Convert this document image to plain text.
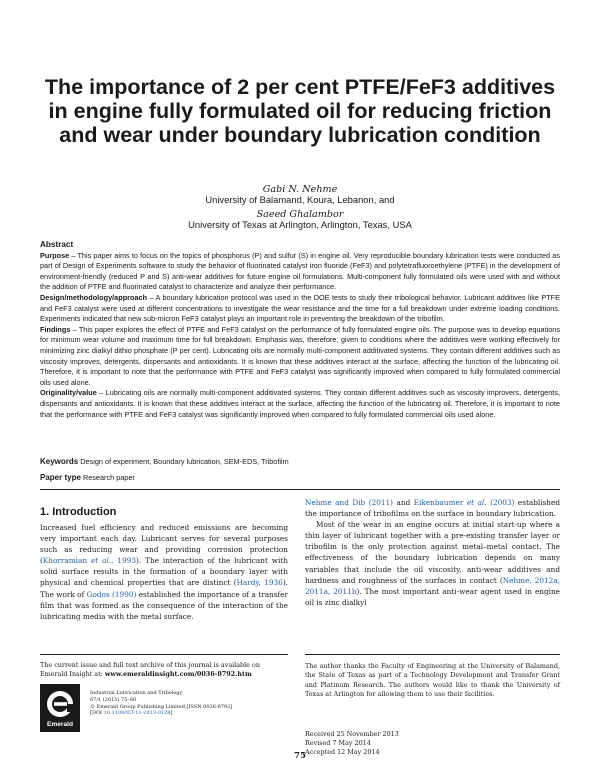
The importance of 2 per cent PTFE/FeF3 additives in engine fully formulated oil for reducing friction and wear under boundary lubrication condition

Gabi N. Nehme

University of Balamand, Koura, Lebanon, and

Saeed Ghalambor

University of Texas at Arlington, Arlington, Texas, USA

Abstract

Purpose – This paper aims to focus on the topics of phosphorus (P) and sulfur (S) in engine oil. Very reproducible boundary lubrication tests were conducted as part of Design of Experiments software to study the behavior of fluorinated catalyst iron fluoride (FeF3) and polytetrafluoroethylene (PTFE) in the development of environment-friendly (reduced P and S) anti-wear additives for future engine oil formulations. Multi-component fully formulated oils were used with and without the addition of PTFE and fluorinated catalyst to characterize and analyze their performance.

Design/methodology/approach – A boundary lubrication protocol was used in the DOE tests to study their tribological behavior. Lubricant additives like PTFE and FeF3 catalyst were used at different concentrations to investigate the wear resistance and the time for a full breakdown under extreme loading conditions. Experiments indicated that new sub-micron FeF3 catalyst plays an important role in preventing the breakdown of the tribofilm.

Findings – This paper explores the effect of PTFE and FeF3 catalyst on the performance of fully formulated engine oils. The purpose was to develop equations for minimum wear volume and maximum time for full breakdown. Emphasis was, therefore, given to conditions where the additives were working effectively for minimizing zinc dialkyl dithio phosphate (P per cent). Lubricating oils are normally multi-component additivated systems. They contain different additives such as viscosity improves, detergents, dispersants and antioxidants. It is known that these additives interact at the surface, affecting the function of the lubricating oil. Therefore, it is important to note that the performance with PTFE and FeF3 catalyst was significantly improved when compared to fully formulated commercial oils used alone.

Originality/value – Lubricating oils are normally multi-component additivated systems. They contain different additives such as viscosity improvers, detergents, dispersants and antioxidants. It is known that these additives interact at the surface, affecting the function of the lubricating oil. Therefore, it is important to note that the performance with PTFE and FeF3 catalyst was significantly improved when compared to fully formulated commercial oils used alone.

Keywords Design of experiment, Boundary lubrication, SEM-EDS, Tribofilm

Paper type Research paper

1. Introduction

Increased fuel efficiency and reduced emissions are becoming very important each day. Lubricant serves for several purposes such as reducing wear and providing corrosion protection (Khorramian et al., 1993). The interaction of the lubricant with solid surface results in the formation of a boundary layer with physical and chemical properties that are distinct (Hardy, 1936). The work of Godos (1990) established the importance of a transfer film that was formed as the consequence of the interaction of the lubricating media with the metal surface.

Nehme and Dib (2011) and Eikenbaumer et al. (2003) established the importance of tribofilms on the surface in boundary lubrication.

Most of the wear in an engine occurs at initial start-up where a thin layer of lubricant together with a pre-existing transfer layer or tribofilm is the only protection against metal–metal contact. The effectiveness of the boundary lubrication depends on many variables that include the oil viscosity, anti-wear additives and hardness and roughness of the surfaces in contact (Nehme, 2012a, 2011a, 2011b). The most important anti-wear agent used in engine oil is zinc dialkyl

The current issue and full text archive of this journal is available on Emerald Insight at: www.emeraldinsight.com/0036-8792.htm

Emerald
Industrial Lubrication and Tribology
67/1 (2015) 75–80
© Emerald Group Publishing Limited [ISSN 0036-8792]
[DOI 10.1108/ILT-11-2013-0128]

The author thanks the Faculty of Engineering at the University of Balamand, the State of Texas as part of a Technology Development and Transfer Grant and Platinum Research. The authors would like to thank the University of Texas at Arlington for allowing them to use their facilities.

Received 25 November 2013
Revised 7 May 2014
Accepted 12 May 2014

75
